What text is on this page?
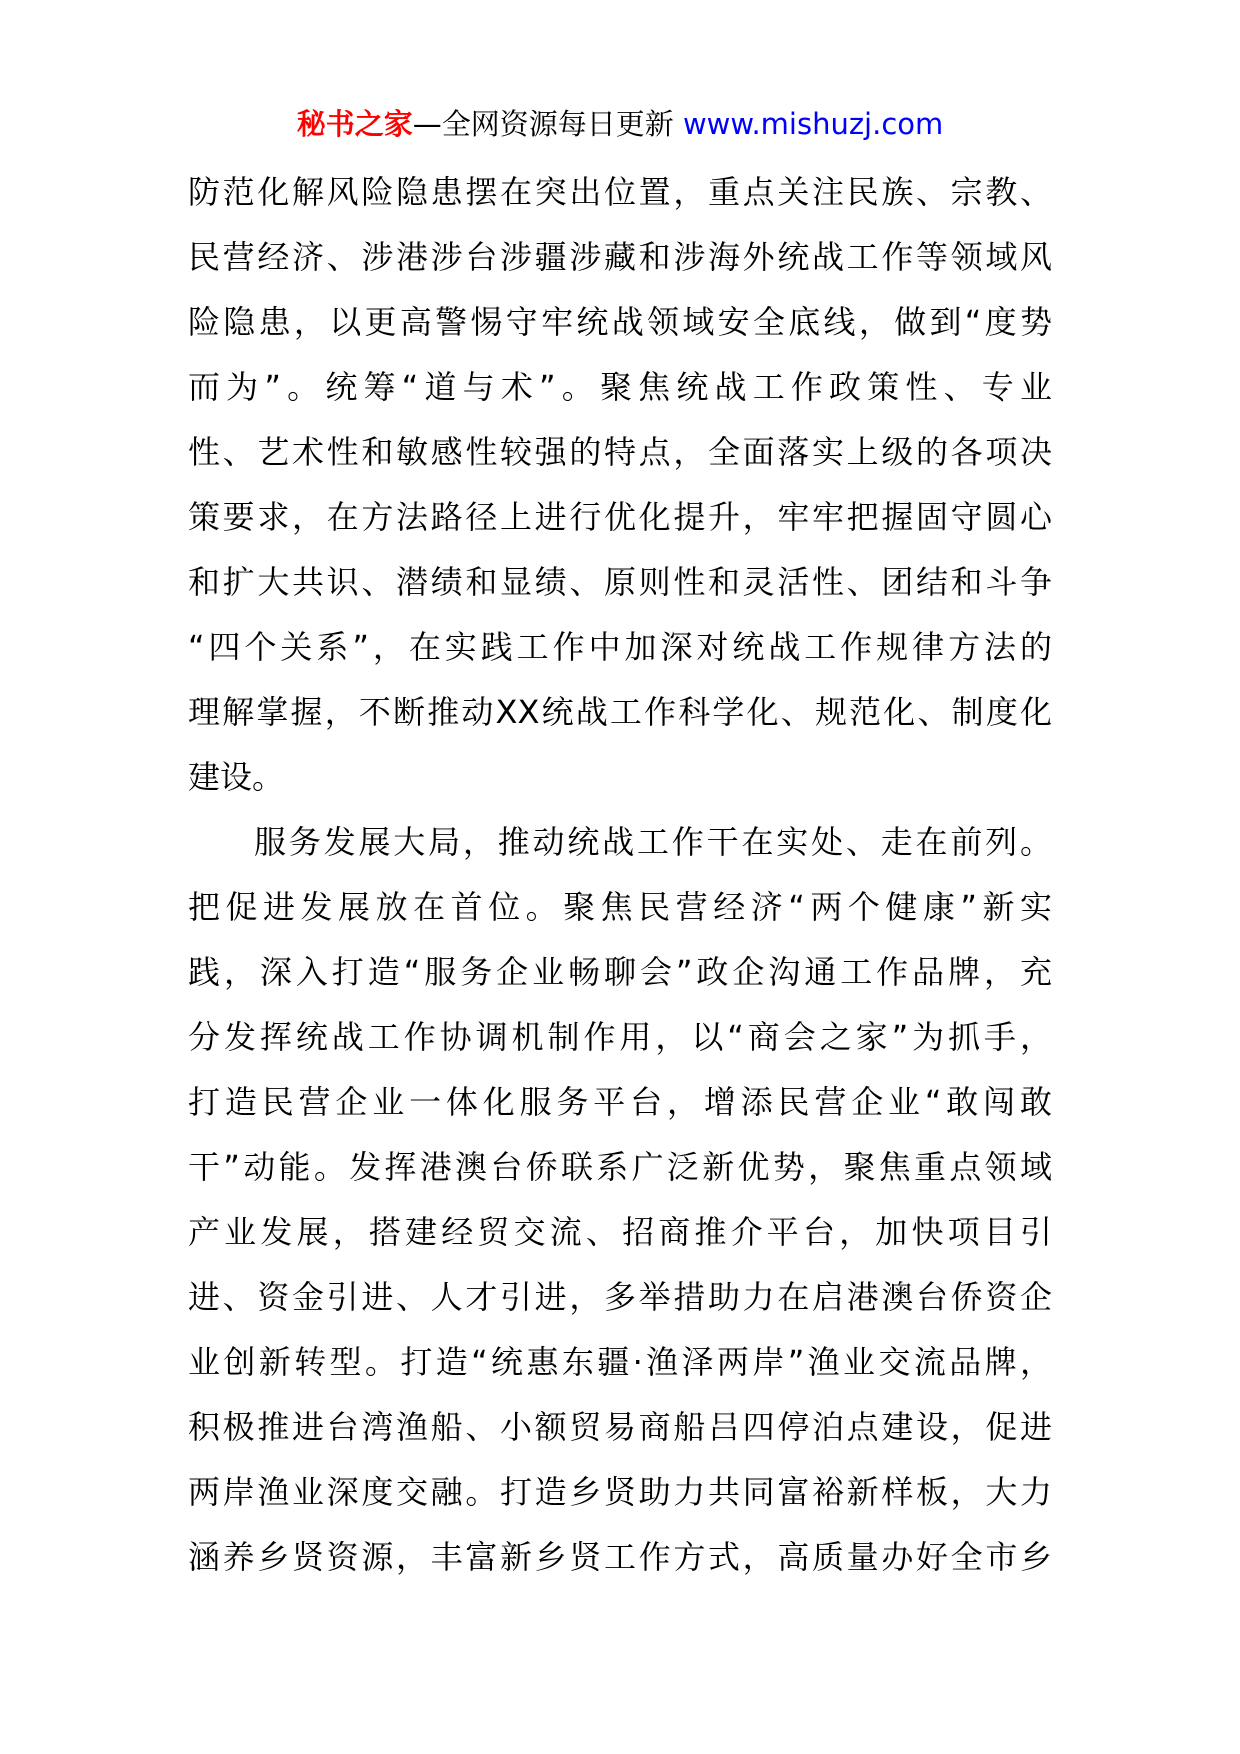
秘书之家—全网资源每日更新 www.mishuzj.com
防范化解风险隐患摆在突出位置，重点关注民族、宗教、
民营经济、涉港涉台涉疆涉藏和涉海外统战工作等领域风
险隐患，以更高警惕守牢统战领域安全底线，做到“度势
而为”。统筹“道与术”。聚焦统战工作政策性、专业
性、艺术性和敏感性较强的特点，全面落实上级的各项决
策要求，在方法路径上进行优化提升，牢牢把握固守圆心
和扩大共识、潜绩和显绩、原则性和灵活性、团结和斗争
“四个关系”，在实践工作中加深对统战工作规律方法的
理解掌握，不断推动XX统战工作科学化、规范化、制度化
建设。
服务发展大局，推动统战工作干在实处、走在前列。
把促进发展放在首位。聚焦民营经济“两个健康”新实
践，深入打造“服务企业畅聊会”政企沟通工作品牌，充
分发挥统战工作协调机制作用，以“商会之家”为抓手，
打造民营企业一体化服务平台，增添民营企业“敢闯敢
干”动能。发挥港澳台侨联系广泛新优势，聚焦重点领域
产业发展，搭建经贸交流、招商推介平台，加快项目引
进、资金引进、人才引进，多举措助力在启港澳台侨资企
业创新转型。打造“统惠东疆·渔泽两岸”渔业交流品牌，
积极推进台湾渔船、小额贸易商船吕四停泊点建设，促进
两岸渔业深度交融。打造乡贤助力共同富裕新样板，大力
涵养乡贤资源，丰富新乡贤工作方式，高质量办好全市乡
